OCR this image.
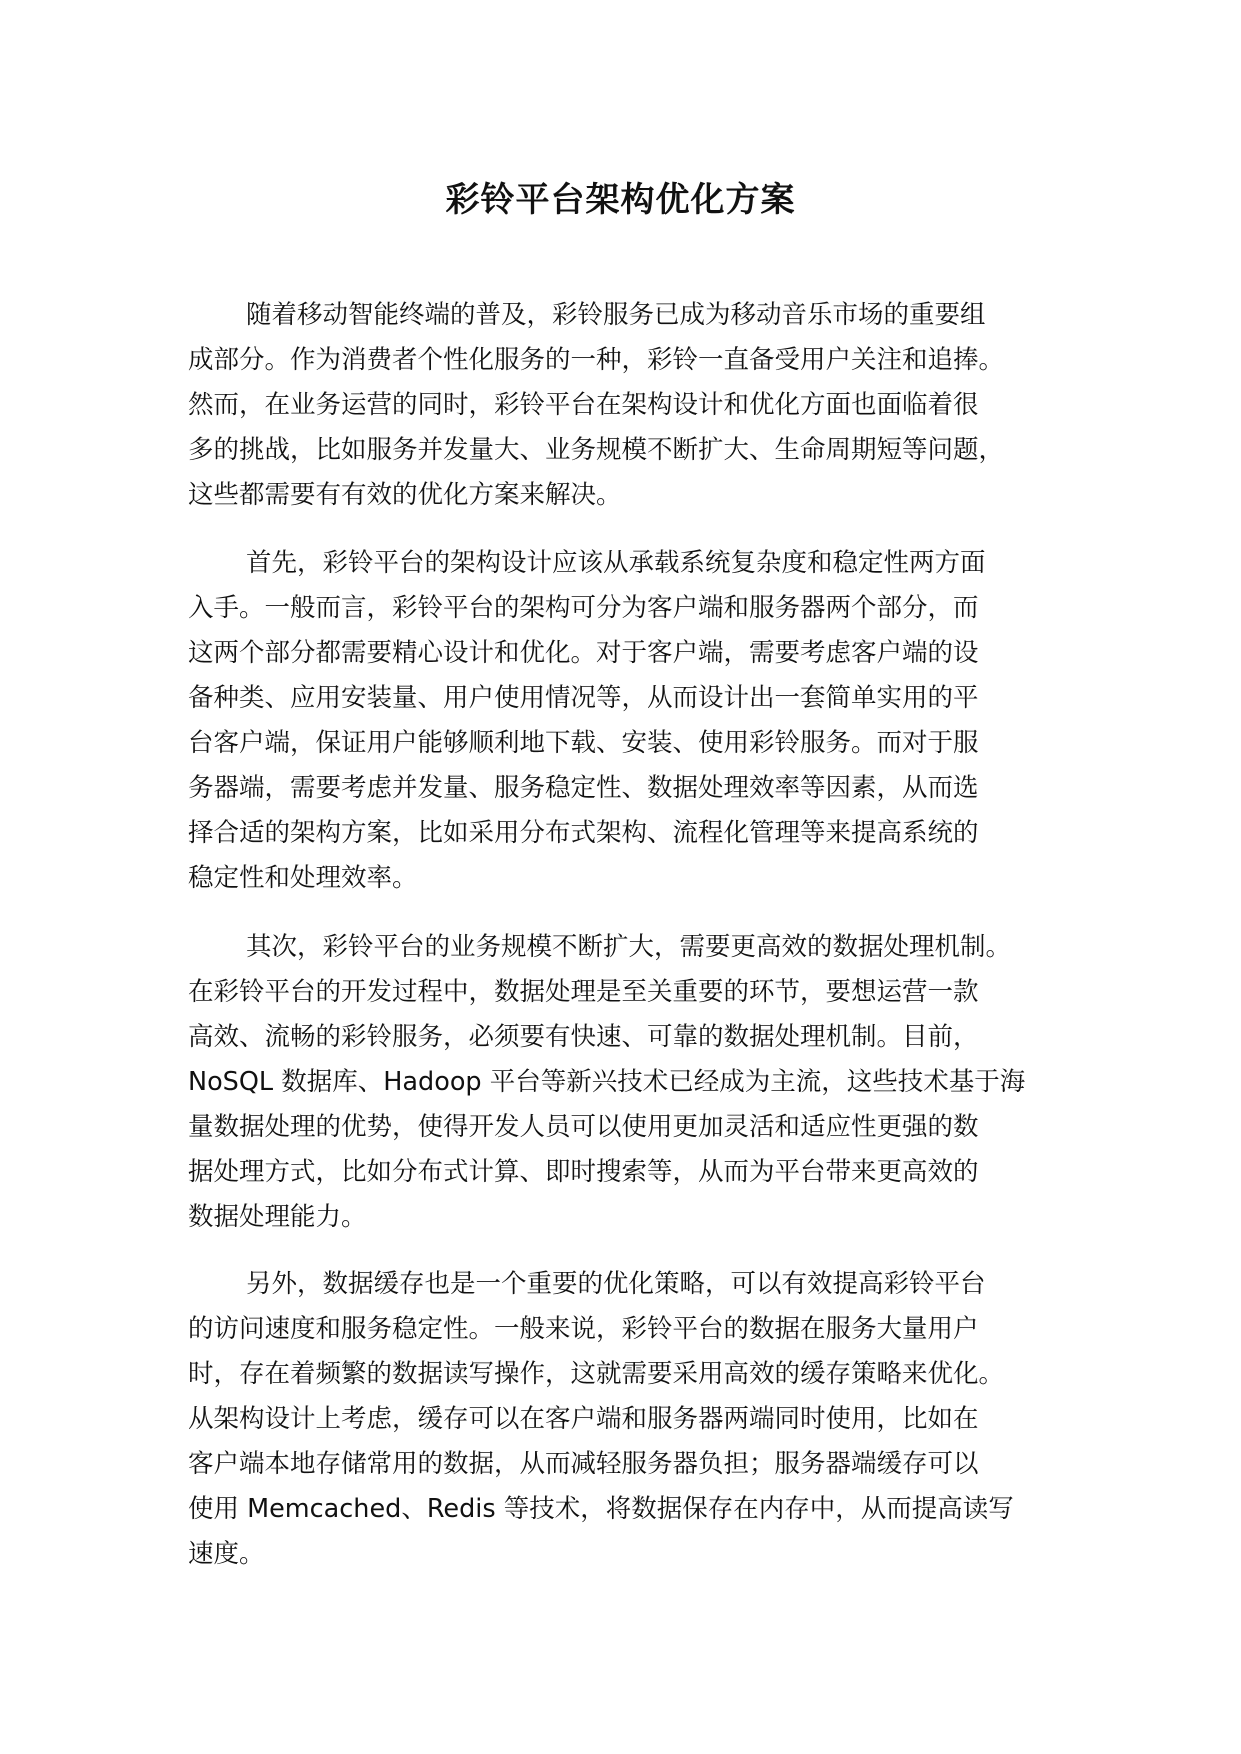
彩铃平台架构优化方案
随着移动智能终端的普及，彩铃服务已成为移动音乐市场的重要组
成部分。作为消费者个性化服务的一种，彩铃一直备受用户关注和追捧。
然而，在业务运营的同时，彩铃平台在架构设计和优化方面也面临着很
多的挑战，比如服务并发量大、业务规模不断扩大、生命周期短等问题，
这些都需要有有效的优化方案来解决。
首先，彩铃平台的架构设计应该从承载系统复杂度和稳定性两方面
入手。一般而言，彩铃平台的架构可分为客户端和服务器两个部分，而
这两个部分都需要精心设计和优化。对于客户端，需要考虑客户端的设
备种类、应用安装量、用户使用情况等，从而设计出一套简单实用的平
台客户端，保证用户能够顺利地下载、安装、使用彩铃服务。而对于服
务器端，需要考虑并发量、服务稳定性、数据处理效率等因素，从而选
择合适的架构方案，比如采用分布式架构、流程化管理等来提高系统的
稳定性和处理效率。
其次，彩铃平台的业务规模不断扩大，需要更高效的数据处理机制。
在彩铃平台的开发过程中，数据处理是至关重要的环节，要想运营一款
高效、流畅的彩铃服务，必须要有快速、可靠的数据处理机制。目前，
NoSQL 数据库、Hadoop 平台等新兴技术已经成为主流，这些技术基于海
量数据处理的优势，使得开发人员可以使用更加灵活和适应性更强的数
据处理方式，比如分布式计算、即时搜索等，从而为平台带来更高效的
数据处理能力。
另外，数据缓存也是一个重要的优化策略，可以有效提高彩铃平台
的访问速度和服务稳定性。一般来说，彩铃平台的数据在服务大量用户
时，存在着频繁的数据读写操作，这就需要采用高效的缓存策略来优化。
从架构设计上考虑，缓存可以在客户端和服务器两端同时使用，比如在
客户端本地存储常用的数据，从而减轻服务器负担；服务器端缓存可以
使用 Memcached、Redis 等技术，将数据保存在内存中，从而提高读写
速度。
